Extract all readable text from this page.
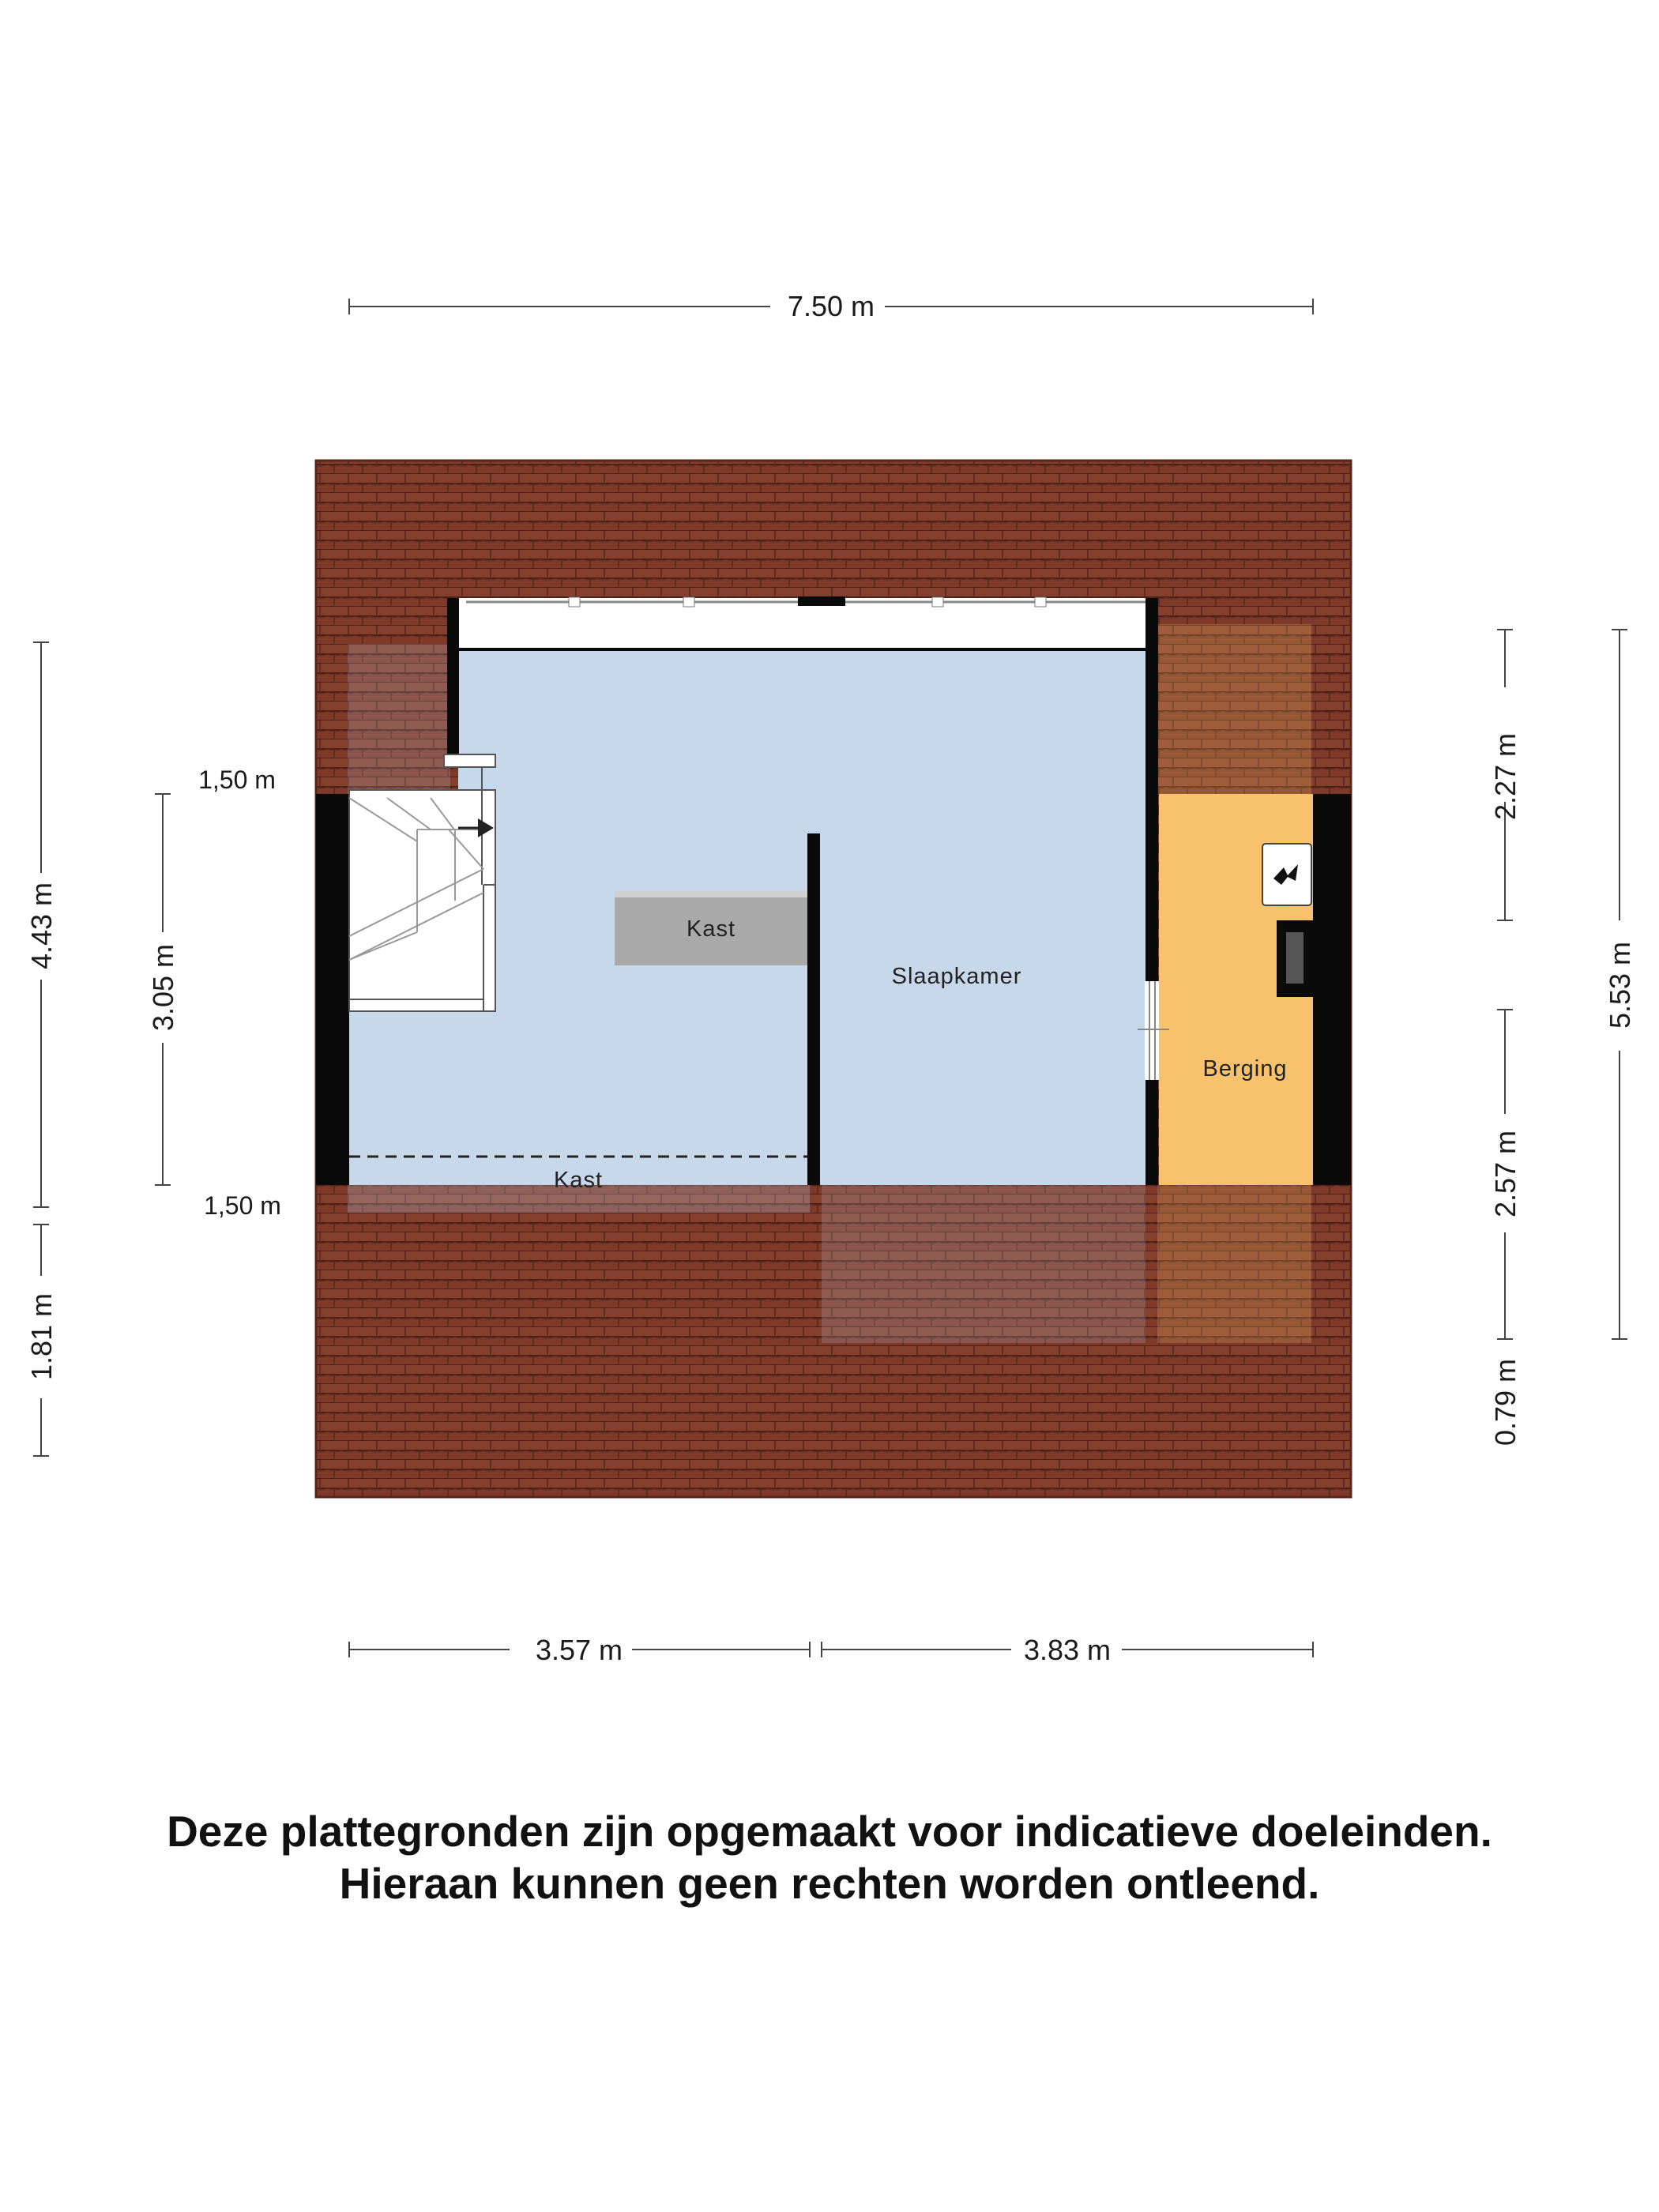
Kast
Slaapkamer
Berging
Kast
7.50 m
3.57 m	3.83 m
4.43 m
1.81 m
3.05 m
1,50 m
1,50 m
2.27 m
2.57 m
0.79 m
5.53 m
Deze plattegronden zijn opgemaakt voor indicatieve doeleinden.
Hieraan kunnen geen rechten worden ontleend.
